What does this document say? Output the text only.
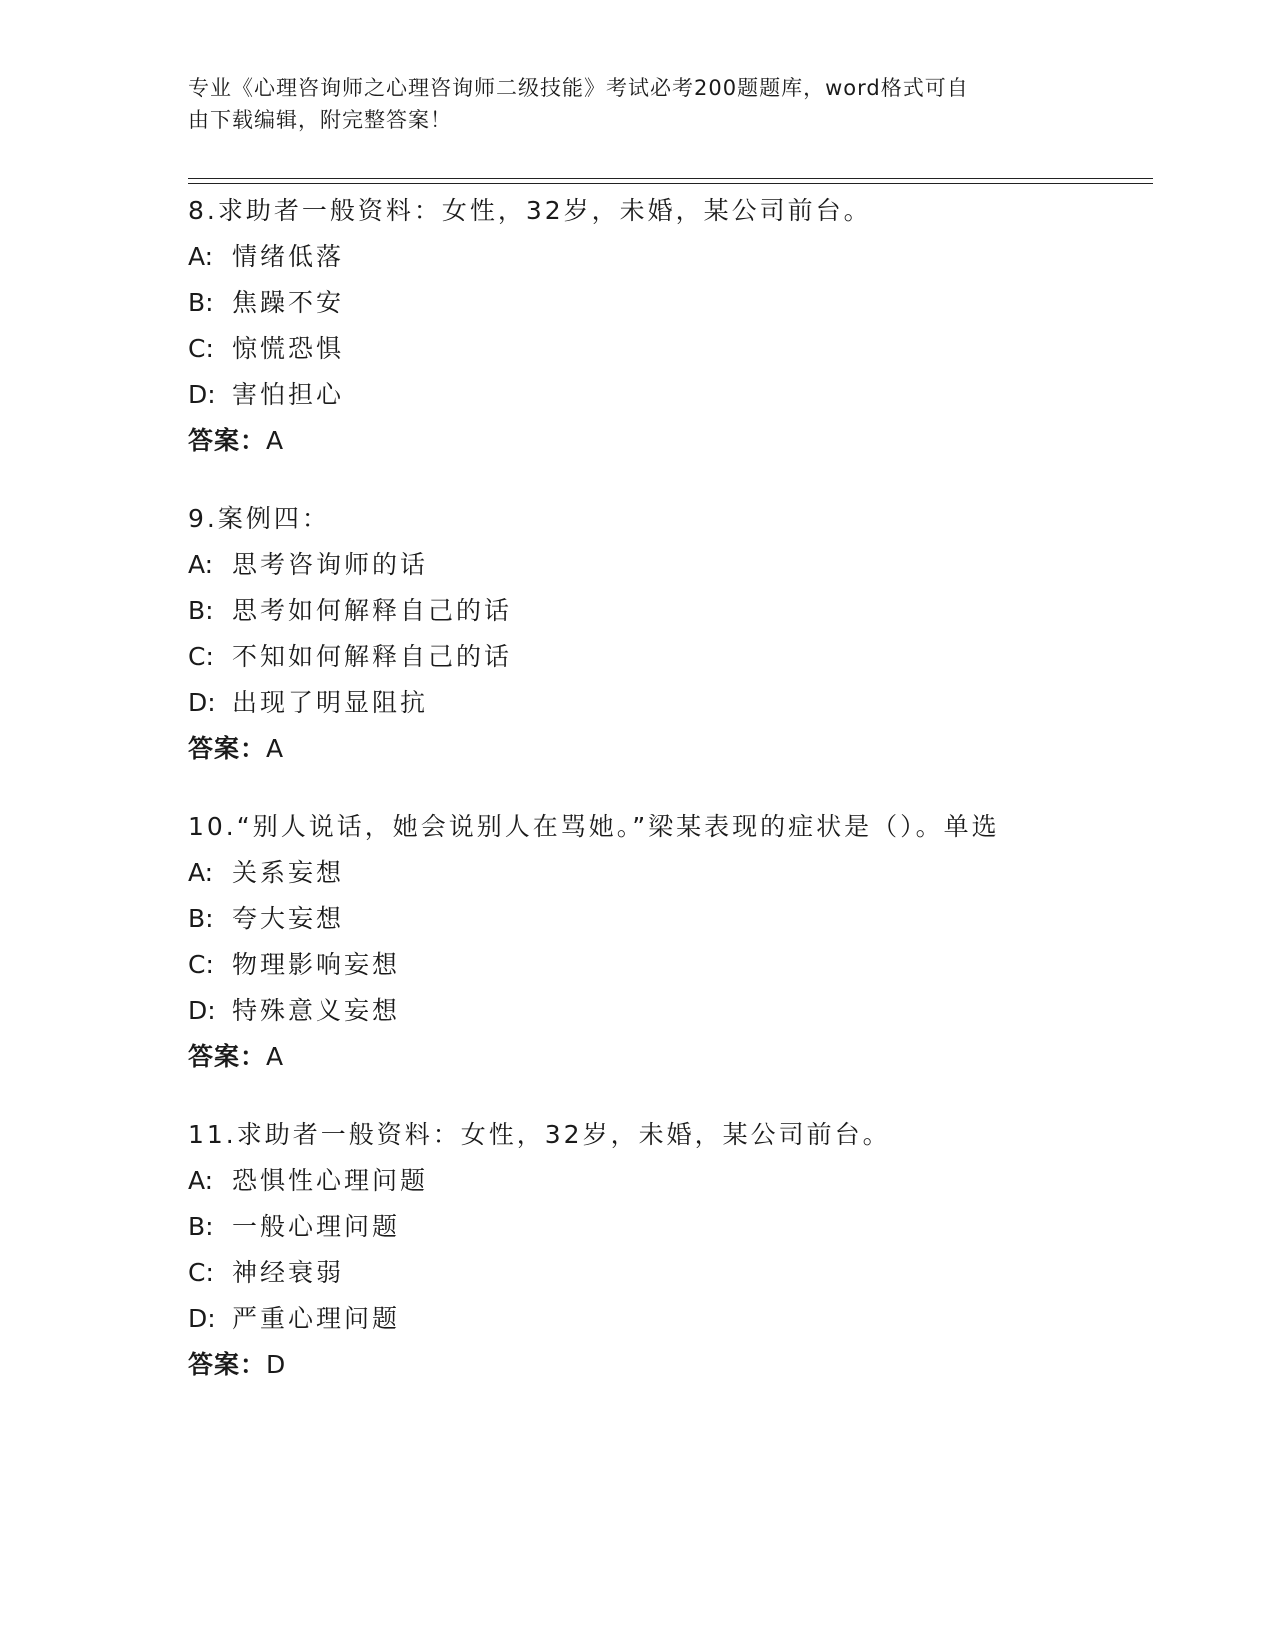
专业《心理咨询师之心理咨询师二级技能》考试必考200题题库，word格式可自
由下载编辑，附完整答案！
8.求助者一般资料：女性，32岁，未婚，某公司前台。
A: 情绪低落
B: 焦躁不安
C: 惊慌恐惧
D: 害怕担心
答案：A
9.案例四：
A: 思考咨询师的话
B: 思考如何解释自己的话
C: 不知如何解释自己的话
D: 出现了明显阻抗
答案：A
10.“别人说话，她会说别人在骂她。”梁某表现的症状是（）。单选
A: 关系妄想
B: 夸大妄想
C: 物理影响妄想
D: 特殊意义妄想
答案：A
11.求助者一般资料：女性，32岁，未婚，某公司前台。
A: 恐惧性心理问题
B: 一般心理问题
C: 神经衰弱
D: 严重心理问题
答案：D
